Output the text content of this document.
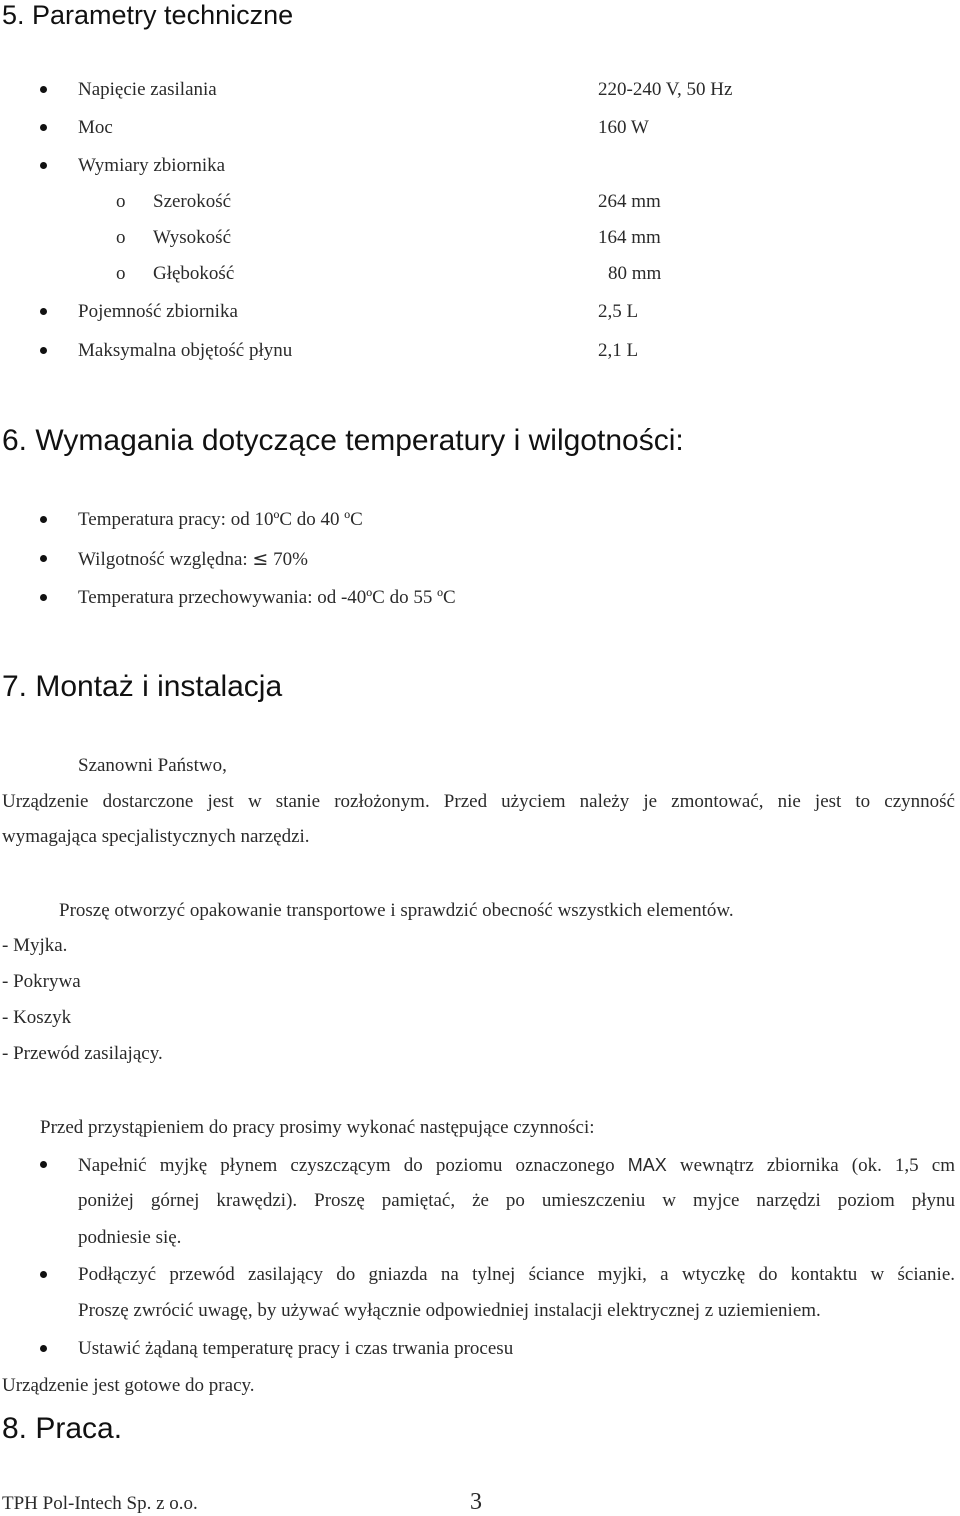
5. Parametry techniczne
Napięcie zasilania	220-240 V, 50 Hz
Moc	160 W
Wymiary zbiornika
o Szerokość	264 mm
o Wysokość	164 mm
o Głębokość	80 mm
Pojemność zbiornika	2,5 L
Maksymalna objętość płynu	2,1 L
6. Wymagania dotyczące temperatury i wilgotności:
Temperatura pracy: od 10ºC do 40 ºC
Wilgotność względna: ≤ 70%
Temperatura przechowywania: od -40ºC do 55 ºC
7. Montaż i instalacja
Szanowni Państwo,
Urządzenie dostarczone jest w stanie rozłożonym. Przed użyciem należy je zmontować, nie jest to czynność
wymagająca specjalistycznych narzędzi.
Proszę otworzyć opakowanie transportowe i sprawdzić obecność wszystkich elementów.
- Myjka.
- Pokrywa
- Koszyk
- Przewód zasilający.
Przed przystąpieniem do pracy prosimy wykonać następujące czynności:
Napełnić myjkę płynem czyszczącym do poziomu oznaczonego MAX wewnątrz zbiornika (ok. 1,5 cm
poniżej górnej krawędzi). Proszę pamiętać, że po umieszczeniu w myjce narzędzi poziom płynu
podniesie się.
Podłączyć przewód zasilający do gniazda na tylnej ściance myjki, a wtyczkę do kontaktu w ścianie.
Proszę zwrócić uwagę, by używać wyłącznie odpowiedniej instalacji elektrycznej z uziemieniem.
Ustawić żądaną temperaturę pracy i czas trwania procesu
Urządzenie jest gotowe do pracy.
8. Praca.
TPH Pol-Intech Sp. z o.o.	3
